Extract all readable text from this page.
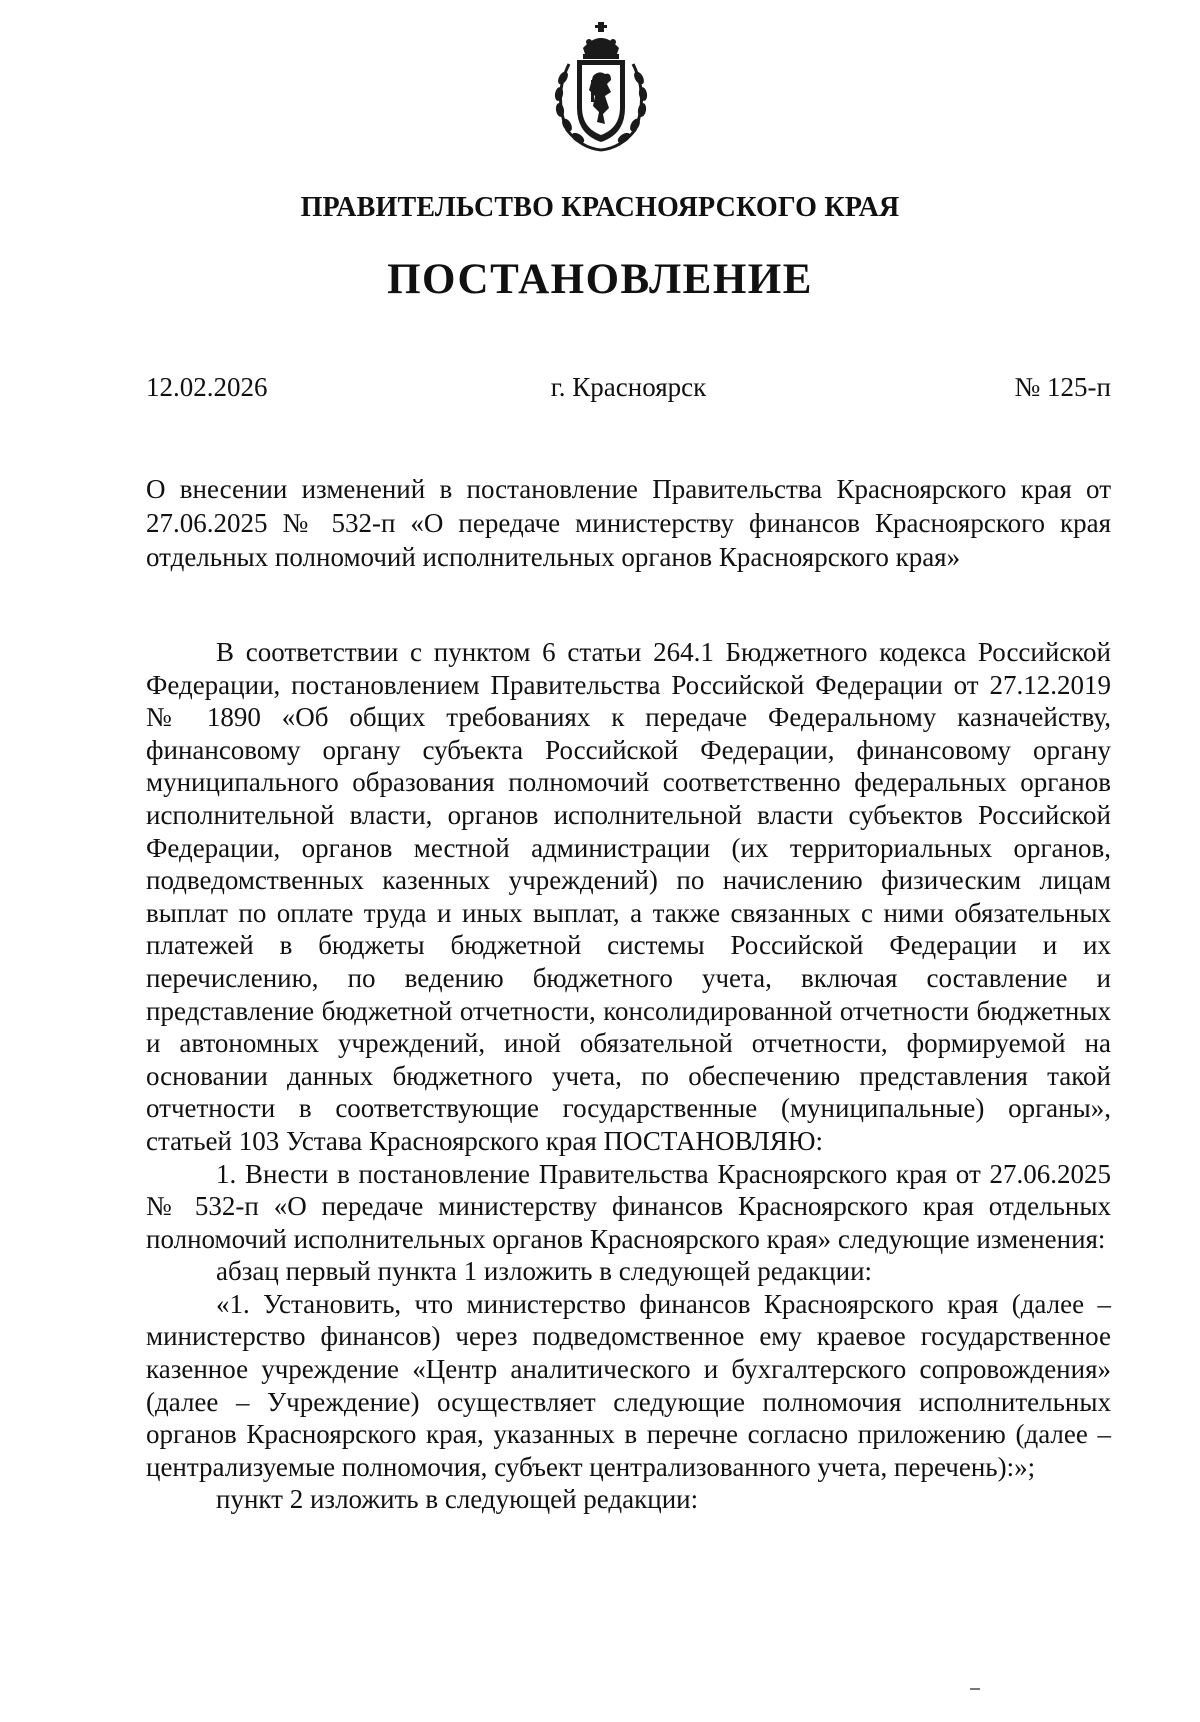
ПРАВИТЕЛЬСТВО КРАСНОЯРСКОГО КРАЯ
ПОСТАНОВЛЕНИЕ
12.02.2026	г. Красноярск	№ 125-п
О внесении изменений в постановление Правительства Красноярского края от 27.06.2025 № 532-п «О передаче министерству финансов Красноярского края отдельных полномочий исполнительных органов Красноярского края»

В соответствии с пунктом 6 статьи 264.1 Бюджетного кодекса Российской Федерации, постановлением Правительства Российской Федерации от 27.12.2019 № 1890 «Об общих требованиях к передаче Федеральному казначейству, финансовому органу субъекта Российской Федерации, финансовому органу муниципального образования полномочий соответственно федеральных органов исполнительной власти, органов исполнительной власти субъектов Российской Федерации, органов местной администрации (их территориальных органов, подведомственных казенных учреждений) по начислению физическим лицам выплат по оплате труда и иных выплат, а также связанных с ними обязательных платежей в бюджеты бюджетной системы Российской Федерации и их перечислению, по ведению бюджетного учета, включая составление и представление бюджетной отчетности, консолидированной отчетности бюджетных и автономных учреждений, иной обязательной отчетности, формируемой на основании данных бюджетного учета, по обеспечению представления такой отчетности в соответствующие государственные (муниципальные) органы», статьей 103 Устава Красноярского края ПОСТАНОВЛЯЮ:

1. Внести в постановление Правительства Красноярского края от 27.06.2025 № 532-п «О передаче министерству финансов Красноярского края отдельных полномочий исполнительных органов Красноярского края» следующие изменения:

абзац первый пункта 1 изложить в следующей редакции:

«1. Установить, что министерство финансов Красноярского края (далее – министерство финансов) через подведомственное ему краевое государственное казенное учреждение «Центр аналитического и бухгалтерского сопровождения» (далее – Учреждение) осуществляет следующие полномочия исполнительных органов Красноярского края, указанных в перечне согласно приложению (далее – централизуемые полномочия, субъект централизованного учета, перечень):»;

пункт 2 изложить в следующей редакции:
